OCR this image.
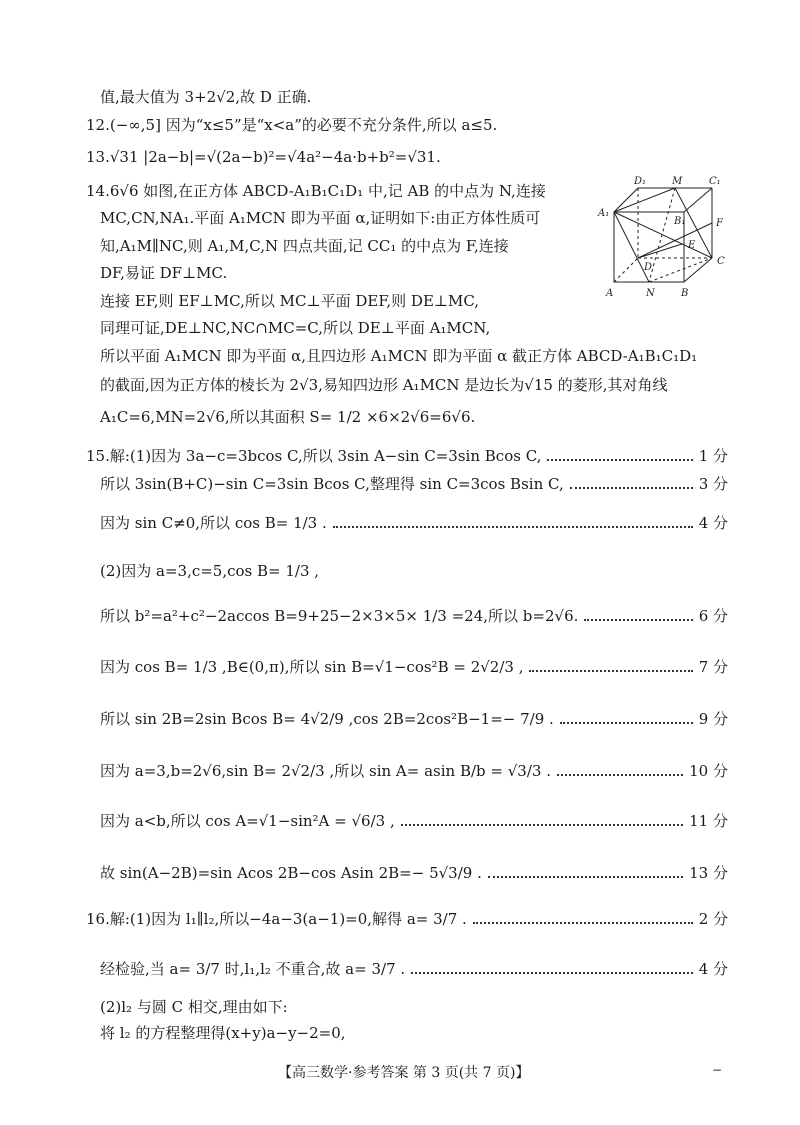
值,最大值为 3+2√2,故 D 正确.
12.(−∞,5] 因为“x≤5”是“x<a”的必要不充分条件,所以 a≤5.
13.√31 |2a−b|=√(2a−b)²=√4a²−4a·b+b²=√31.
14.6√6 如图,在正方体 ABCD-A₁B₁C₁D₁ 中,记 AB 的中点为 N,连接
MC,CN,NA₁.平面 A₁MCN 即为平面 α,证明如下:由正方体性质可
知,A₁M∥NC,则 A₁,M,C,N 四点共面,记 CC₁ 的中点为 F,连接
DF,易证 DF⊥MC.
连接 EF,则 EF⊥MC,所以 MC⊥平面 DEF,则 DE⊥MC,
同理可证,DE⊥NC,NC∩MC=C,所以 DE⊥平面 A₁MCN,
所以平面 A₁MCN 即为平面 α,且四边形 A₁MCN 即为平面 α 截正方体 ABCD-A₁B₁C₁D₁
的截面,因为正方体的棱长为 2√3,易知四边形 A₁MCN 是边长为√15 的菱形,其对角线
A₁C=6,MN=2√6,所以其面积 S= 1/2 ×6×2√6=6√6.
D₁	M	C₁
A₁
B₁	F
E
C
D
A	N	B
15.解:(1)因为 3a−c=3bcos C,所以 3sin A−sin C=3sin Bcos C,	1 分
所以 3sin(B+C)−sin C=3sin Bcos C,整理得 sin C=3cos Bsin C,	3 分
因为 sin C≠0,所以 cos B= 1/3 .	4 分
(2)因为 a=3,c=5,cos B= 1/3 ,
所以 b²=a²+c²−2accos B=9+25−2×3×5× 1/3 =24,所以 b=2√6.	6 分
因为 cos B= 1/3 ,B∈(0,π),所以 sin B=√1−cos²B = 2√2/3 ,	7 分
所以 sin 2B=2sin Bcos B= 4√2/9 ,cos 2B=2cos²B−1=− 7/9 .	9 分
因为 a=3,b=2√6,sin B= 2√2/3 ,所以 sin A= asin B/b = √3/3 .	10 分
因为 a<b,所以 cos A=√1−sin²A = √6/3 ,	11 分
故 sin(A−2B)=sin Acos 2B−cos Asin 2B=− 5√3/9 .	13 分
16.解:(1)因为 l₁∥l₂,所以−4a−3(a−1)=0,解得 a= 3/7 .	2 分
经检验,当 a= 3/7 时,l₁,l₂ 不重合,故 a= 3/7 .	4 分
(2)l₂ 与圆 C 相交,理由如下:
将 l₂ 的方程整理得(x+y)a−y−2=0,
【高三数学·参考答案 第 3 页(共 7 页)】	−
